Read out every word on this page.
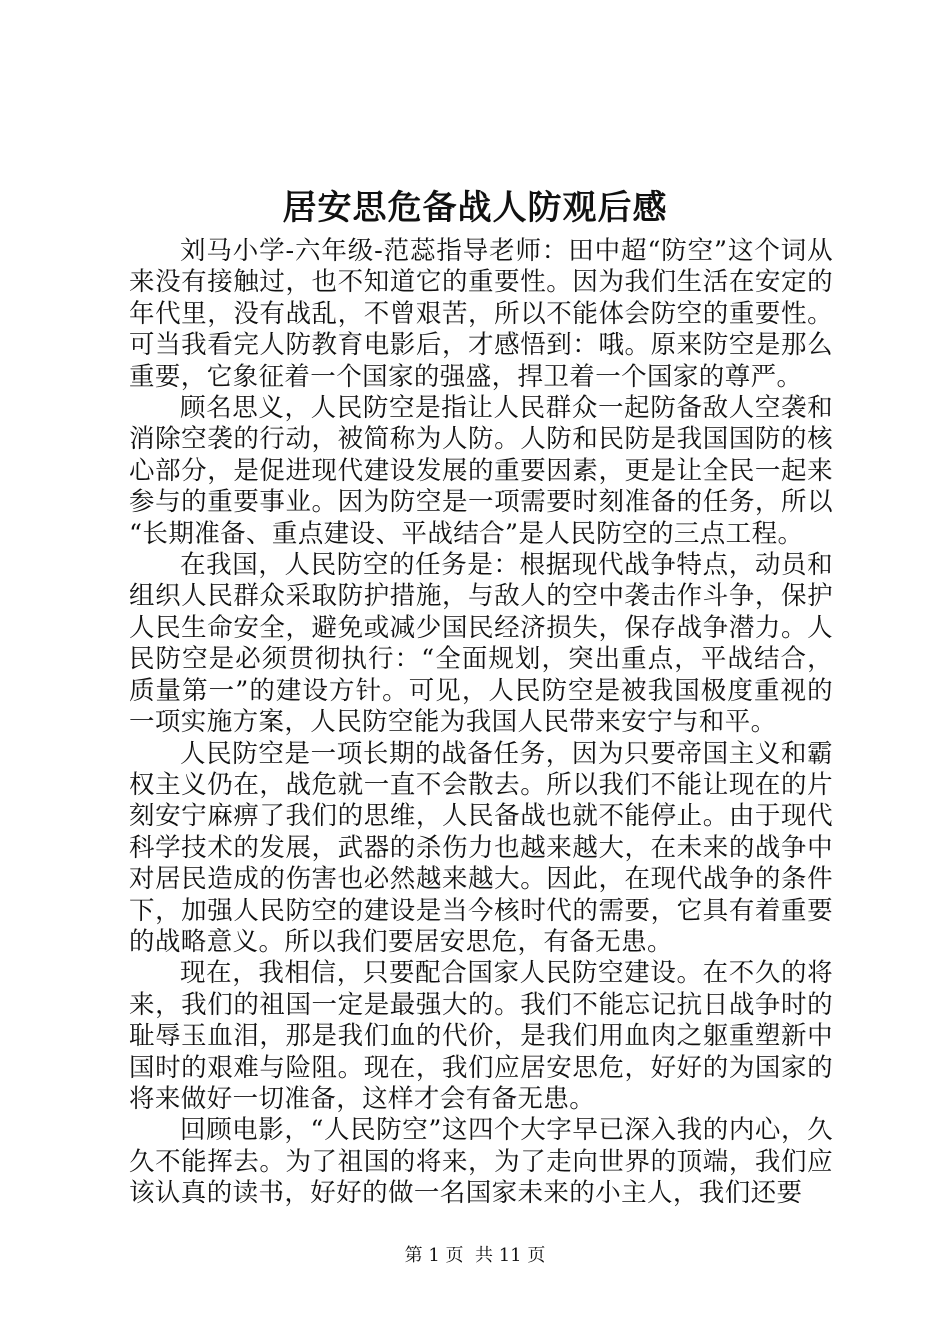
居安思危备战人防观后感

刘马小学-六年级-范蕊指导老师：田中超“防空”这个词从来没有接触过，也不知道它的重要性。因为我们生活在安定的年代里，没有战乱，不曾艰苦，所以不能体会防空的重要性。可当我看完人防教育电影后，才感悟到：哦。原来防空是那么重要，它象征着一个国家的强盛，捍卫着一个国家的尊严。

顾名思义，人民防空是指让人民群众一起防备敌人空袭和消除空袭的行动，被简称为人防。人防和民防是我国国防的核心部分，是促进现代建设发展的重要因素，更是让全民一起来参与的重要事业。因为防空是一项需要时刻准备的任务，所以“长期准备、重点建设、平战结合”是人民防空的三点工程。

在我国，人民防空的任务是：根据现代战争特点，动员和组织人民群众采取防护措施，与敌人的空中袭击作斗争，保护人民生命安全，避免或减少国民经济损失，保存战争潜力。人民防空是必须贯彻执行：“全面规划，突出重点，平战结合，质量第一”的建设方针。可见，人民防空是被我国极度重视的一项实施方案，人民防空能为我国人民带来安宁与和平。

人民防空是一项长期的战备任务，因为只要帝国主义和霸权主义仍在，战危就一直不会散去。所以我们不能让现在的片刻安宁麻痹了我们的思维，人民备战也就不能停止。由于现代科学技术的发展，武器的杀伤力也越来越大，在未来的战争中对居民造成的伤害也必然越来越大。因此，在现代战争的条件下，加强人民防空的建设是当今核时代的需要，它具有着重要的战略意义。所以我们要居安思危，有备无患。

现在，我相信，只要配合国家人民防空建设。在不久的将来，我们的祖国一定是最强大的。我们不能忘记抗日战争时的耻辱玉血泪，那是我们血的代价，是我们用血肉之躯重塑新中国时的艰难与险阻。现在，我们应居安思危，好好的为国家的将来做好一切准备，这样才会有备无患。

回顾电影，“人民防空”这四个大字早已深入我的内心，久久不能挥去。为了祖国的将来，为了走向世界的顶端，我们应该认真的读书，好好的做一名国家未来的小主人，我们还要

第 1 页  共 11 页
